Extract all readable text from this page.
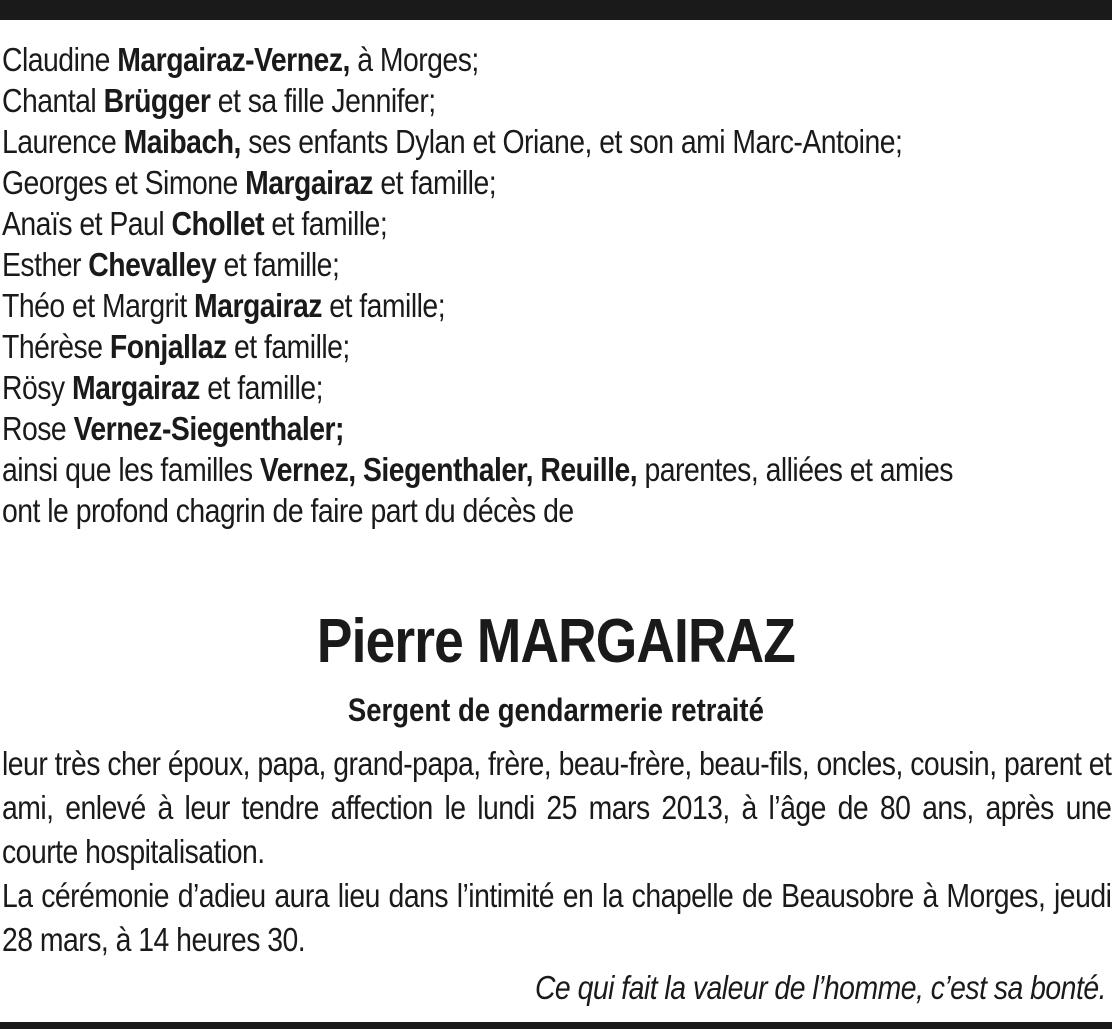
Claudine Margairaz-Vernez, à Morges;
Chantal Brügger et sa fille Jennifer;
Laurence Maibach, ses enfants Dylan et Oriane, et son ami Marc-Antoine;
Georges et Simone Margairaz et famille;
Anaïs et Paul Chollet et famille;
Esther Chevalley et famille;
Théo et Margrit Margairaz et famille;
Thérèse Fonjallaz et famille;
Rösy Margairaz et famille;
Rose Vernez-Siegenthaler;
ainsi que les familles Vernez, Siegenthaler, Reuille, parentes, alliées et amies
ont le profond chagrin de faire part du décès de
Pierre MARGAIRAZ
Sergent de gendarmerie retraité

leur très cher époux, papa, grand-papa, frère, beau-frère, beau-fils, oncles, cousin, parent et ami, enlevé à leur tendre affection le lundi 25 mars 2013, à l’âge de 80 ans, après une courte hospitalisation.

La cérémonie d’adieu aura lieu dans l’intimité en la chapelle de Beausobre à Morges, jeudi 28 mars, à 14 heures 30.

Ce qui fait la valeur de l’homme, c’est sa bonté.
